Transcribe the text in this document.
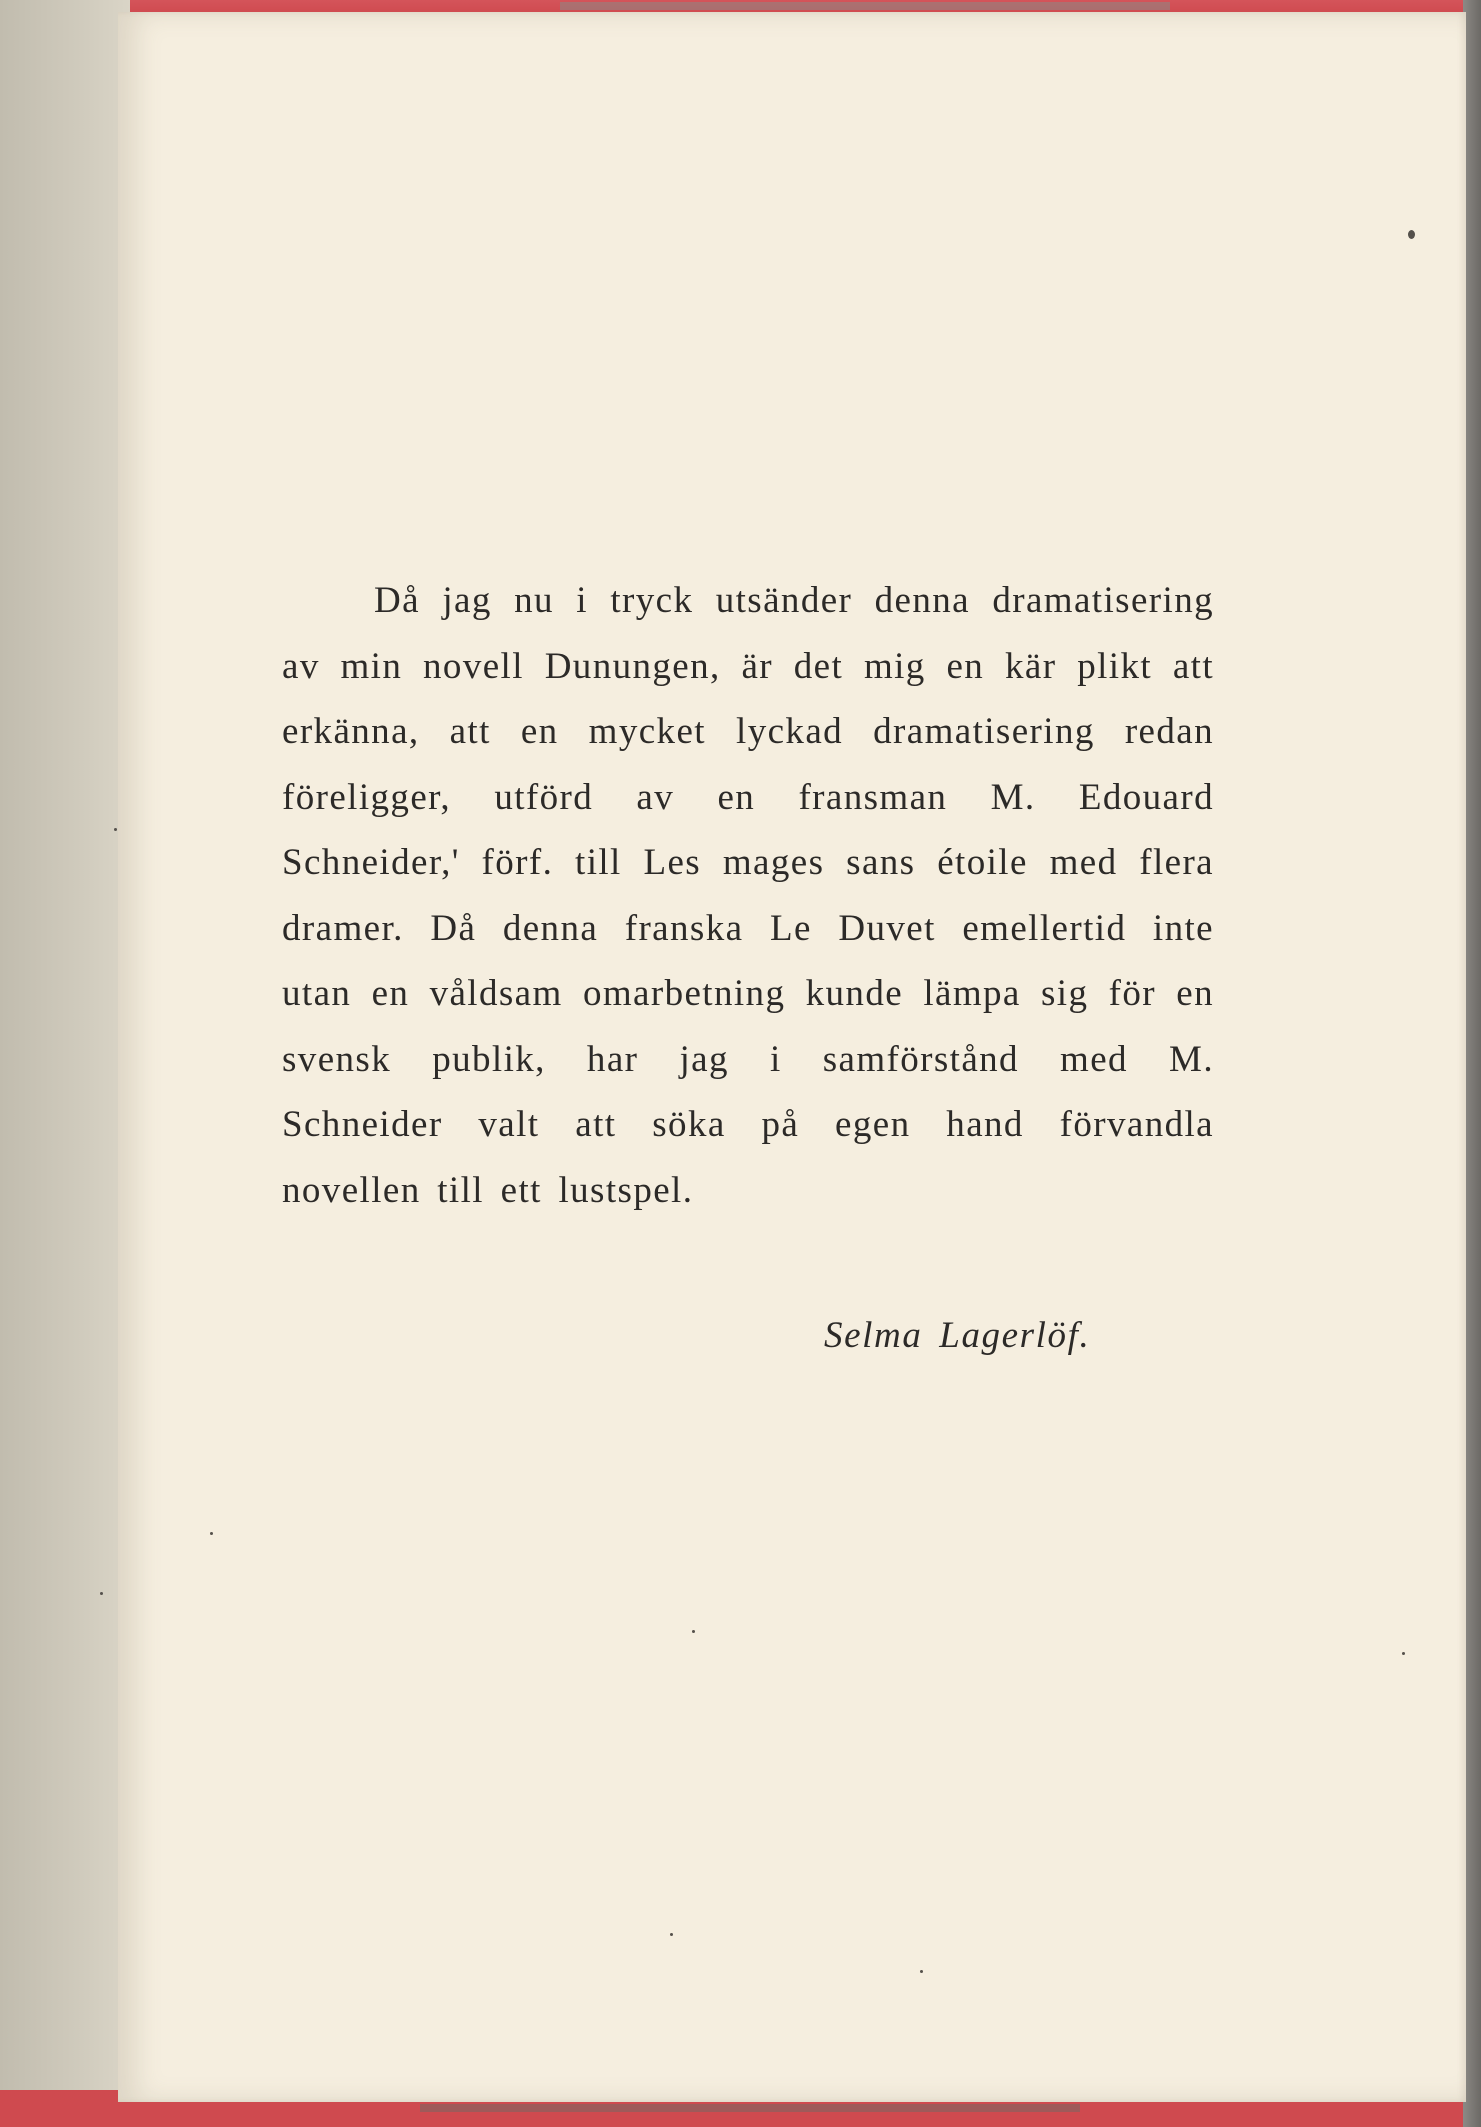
Då jag nu i tryck utsänder denna dramatisering av min novell Dunungen, är det mig en kär plikt att erkänna, att en mycket lyckad dramatisering redan föreligger, utförd av en fransman M. Edouard Schneider,' förf. till Les mages sans étoile med flera dramer. Då denna franska Le Duvet emellertid inte utan en våldsam omarbetning kunde lämpa sig för en svensk publik, har jag i samförstånd med M. Schneider valt att söka på egen hand förvandla novellen till ett lustspel.
Selma Lagerlöf.
